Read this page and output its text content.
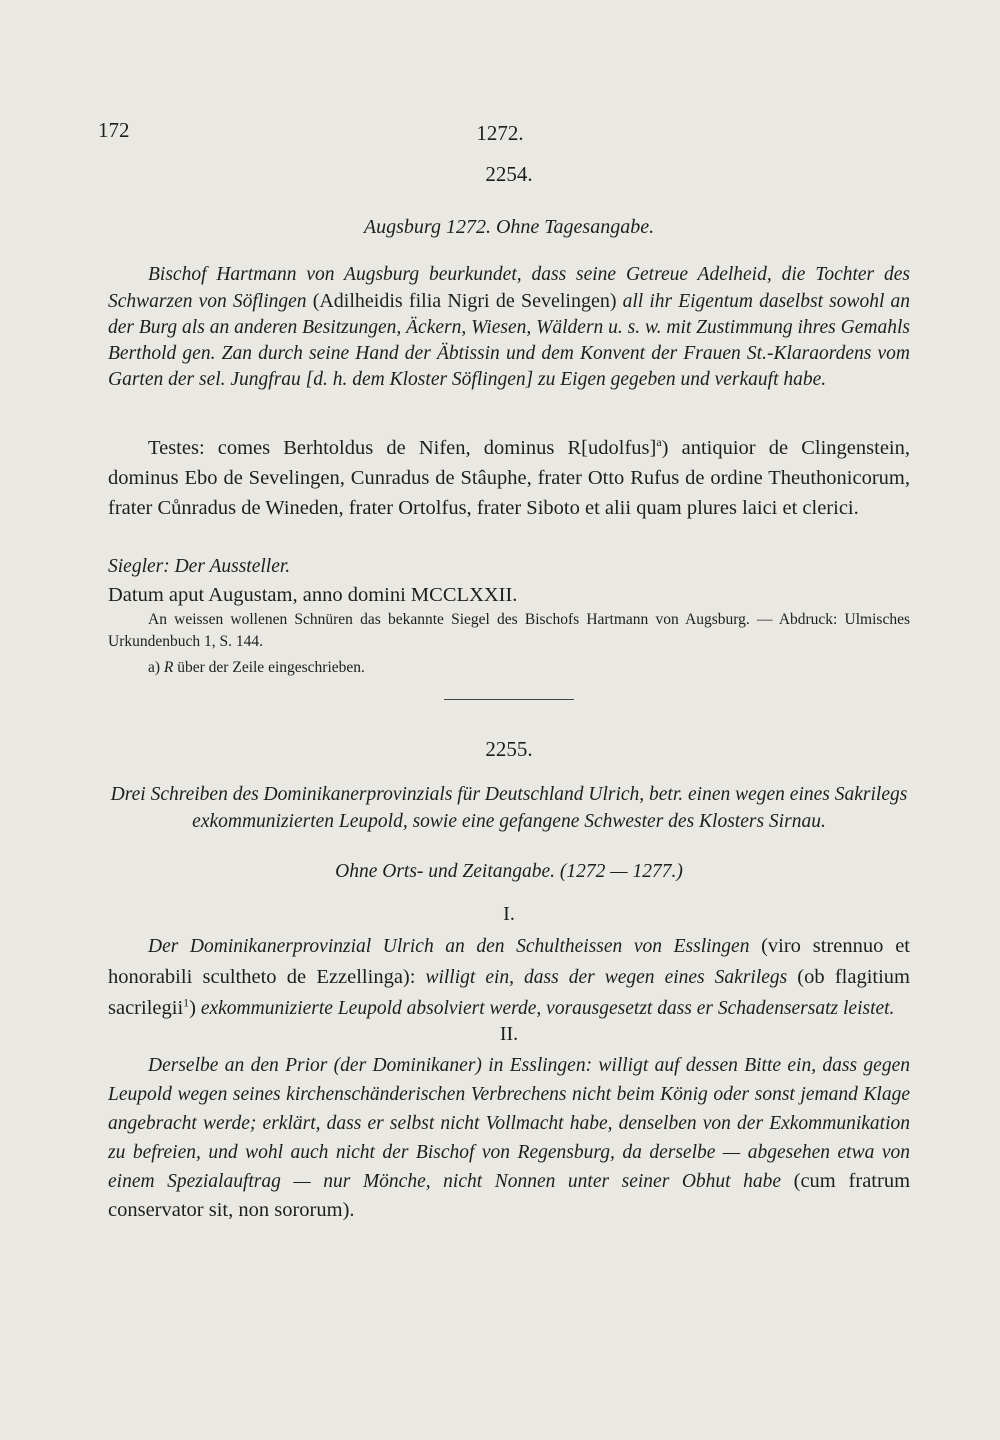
172	1272.
2254.
Augsburg 1272. Ohne Tagesangabe.

Bischof Hartmann von Augsburg beurkundet, dass seine Getreue Adelheid, die Tochter des Schwarzen von Söflingen (Adilheidis filia Nigri de Sevelingen) all ihr Eigentum daselbst sowohl an der Burg als an anderen Besitzungen, Äckern, Wiesen, Wäldern u. s. w. mit Zustimmung ihres Gemahls Berthold gen. Zan durch seine Hand der Äbtissin und dem Konvent der Frauen St.-Klaraordens vom Garten der sel. Jungfrau [d. h. dem Kloster Söflingen] zu Eigen gegeben und verkauft habe.

Testes: comes Berhtoldus de Nifen, dominus R[udolfus]$^a$) antiquior de Clingenstein, dominus Ebo de Sevelingen, Cunradus de Stâuphe, frater Otto Rufus de ordine Theuthonicorum, frater Cůnradus de Wineden, frater Ortolfus, frater Siboto et alii quam plures laici et clerici.

Siegler: Der Aussteller.

Datum aput Augustam, anno domini MCCLXXII.

An weissen wollenen Schnüren das bekannte Siegel des Bischofs Hartmann von Augsburg. — Abdruck: Ulmisches Urkundenbuch 1, S. 144.

a) R über der Zeile eingeschrieben.

2255.

Drei Schreiben des Dominikanerprovinzials für Deutschland Ulrich, betr. einen wegen eines Sakrilegs exkommunizierten Leupold, sowie eine gefangene Schwester des Klosters Sirnau.

Ohne Orts- und Zeitangabe. (1272 — 1277.)
I.

Der Dominikanerprovinzial Ulrich an den Schultheissen von Esslingen (viro strennuo et honorabili scultheto de Ezzellinga): willigt ein, dass der wegen eines Sakrilegs (ob flagitium sacrilegii$^1$) exkommunizierte Leupold absolviert werde, vorausgesetzt dass er Schadensersatz leistet.

II.

Derselbe an den Prior (der Dominikaner) in Esslingen: willigt auf dessen Bitte ein, dass gegen Leupold wegen seines kirchenschänderischen Verbrechens nicht beim König oder sonst jemand Klage angebracht werde; erklärt, dass er selbst nicht Vollmacht habe, denselben von der Exkommunikation zu befreien, und wohl auch nicht der Bischof von Regensburg, da derselbe — abgesehen etwa von einem Spezialauftrag — nur Mönche, nicht Nonnen unter seiner Obhut habe (cum fratrum conservator sit, non sororum).
